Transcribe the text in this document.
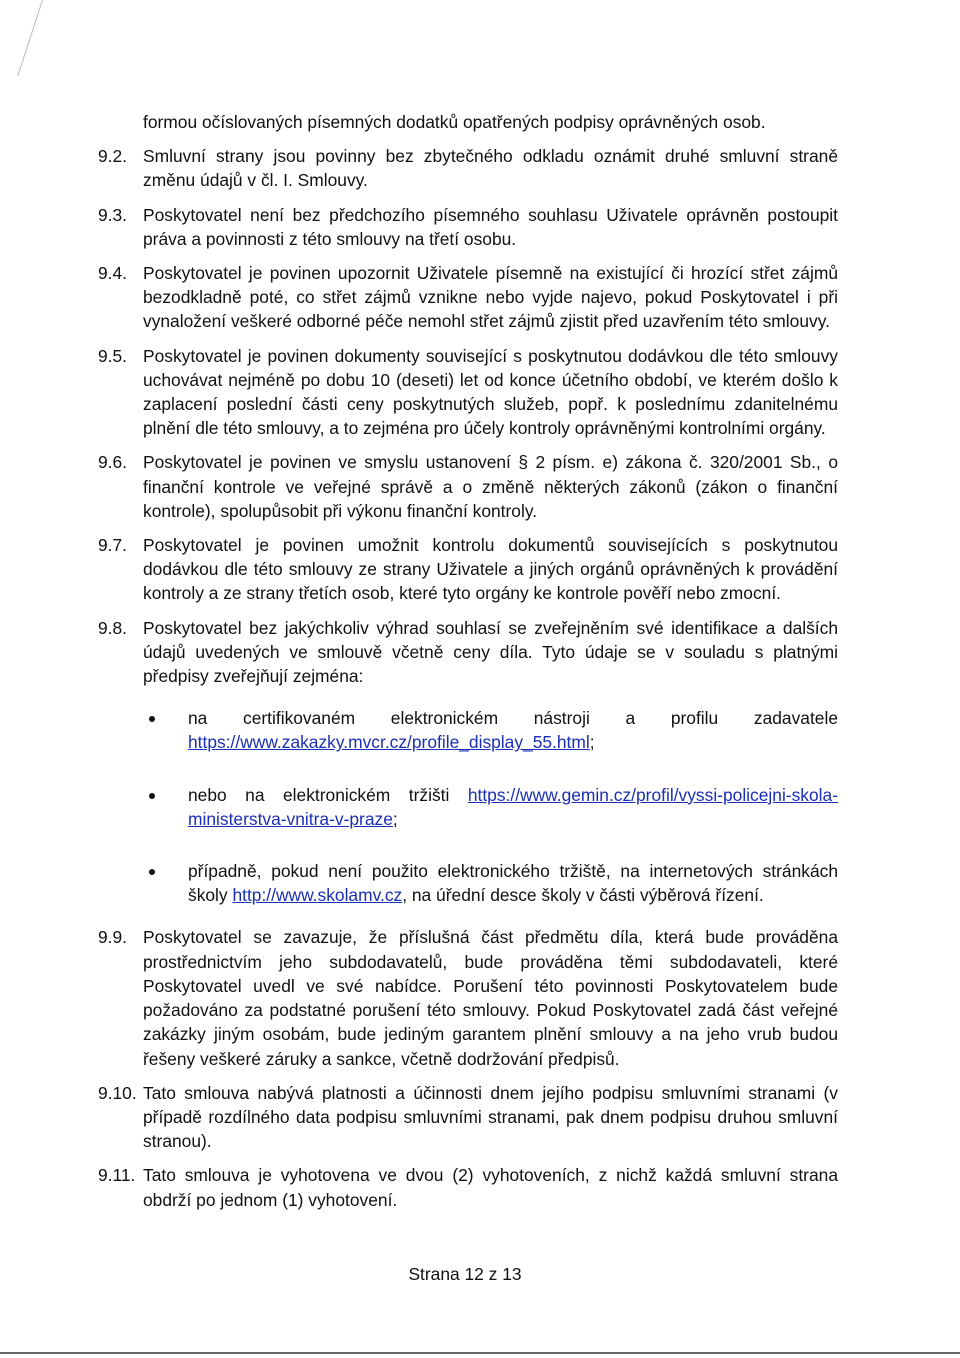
formou očíslovaných písemných dodatků opatřených podpisy oprávněných osob.
9.2. Smluvní strany jsou povinny bez zbytečného odkladu oznámit druhé smluvní straně změnu údajů v čl. I. Smlouvy.
9.3. Poskytovatel není bez předchozího písemného souhlasu Uživatele oprávněn postoupit práva a povinnosti z této smlouvy na třetí osobu.
9.4. Poskytovatel je povinen upozornit Uživatele písemně na existující či hrozící střet zájmů bezodkladně poté, co střet zájmů vznikne nebo vyjde najevo, pokud Poskytovatel i při vynaložení veškeré odborné péče nemohl střet zájmů zjistit před uzavřením této smlouvy.
9.5. Poskytovatel je povinen dokumenty související s poskytnutou dodávkou dle této smlouvy uchovávat nejméně po dobu 10 (deseti) let od konce účetního období, ve kterém došlo k zaplacení poslední části ceny poskytnutých služeb, popř. k poslednímu zdanitelnému plnění dle této smlouvy, a to zejména pro účely kontroly oprávněnými kontrolními orgány.
9.6. Poskytovatel je povinen ve smyslu ustanovení § 2 písm. e) zákona č. 320/2001 Sb., o finanční kontrole ve veřejné správě a o změně některých zákonů (zákon o finanční kontrole), spolupůsobit při výkonu finanční kontroly.
9.7. Poskytovatel je povinen umožnit kontrolu dokumentů souvisejících s poskytnutou dodávkou dle této smlouvy ze strany Uživatele a jiných orgánů oprávněných k provádění kontroly a ze strany třetích osob, které tyto orgány ke kontrole pověří nebo zmocní.
9.8. Poskytovatel bez jakýchkoliv výhrad souhlasí se zveřejněním své identifikace a dalších údajů uvedených ve smlouvě včetně ceny díla. Tyto údaje se v souladu s platnými předpisy zveřejňují zejména:
na certifikovaném elektronickém nástroji a profilu zadavatele https://www.zakazky.mvcr.cz/profile_display_55.html;
nebo na elektronickém tržišti https://www.gemin.cz/profil/vyssi-policejni-skola-ministerstva-vnitra-v-praze;
případně, pokud není použito elektronického tržiště, na internetových stránkách školy http://www.skolamv.cz, na úřední desce školy v části výběrová řízení.
9.9. Poskytovatel se zavazuje, že příslušná část předmětu díla, která bude prováděna prostřednictvím jeho subdodavatelů, bude prováděna těmi subdodavateli, které Poskytovatel uvedl ve své nabídce. Porušení této povinnosti Poskytovatelem bude požadováno za podstatné porušení této smlouvy. Pokud Poskytovatel zadá část veřejné zakázky jiným osobám, bude jediným garantem plnění smlouvy a na jeho vrub budou řešeny veškeré záruky a sankce, včetně dodržování předpisů.
9.10. Tato smlouva nabývá platnosti a účinnosti dnem jejího podpisu smluvními stranami (v případě rozdílného data podpisu smluvními stranami, pak dnem podpisu druhou smluvní stranou).
9.11. Tato smlouva je vyhotovena ve dvou (2) vyhotoveních, z nichž každá smluvní strana obdrží po jednom (1) vyhotovení.
Strana 12 z 13
